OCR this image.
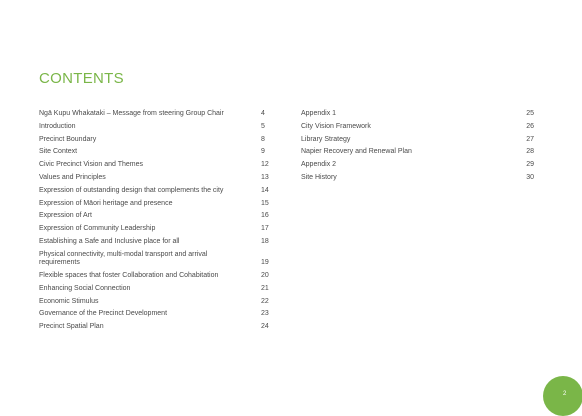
CONTENTS
Ngā Kupu Whakataki – Message from steering Group Chair	4
Introduction	5
Precinct Boundary	8
Site Context	9
Civic Precinct Vision and Themes	12
Values and Principles	13
Expression of outstanding design that complements the city	14
Expression of Māori heritage and presence	15
Expression of Art	16
Expression of Community Leadership	17
Establishing a Safe and Inclusive place for all	18
Physical connectivity, multi-modal transport and arrival requirements	19
Flexible spaces that foster Collaboration and Cohabitation	20
Enhancing Social Connection	21
Economic Stimulus	22
Governance of the Precinct Development	23
Precinct Spatial Plan	24
Appendix 1	25
City Vision Framework	26
Library Strategy	27
Napier Recovery and Renewal Plan	28
Appendix 2	29
Site History	30
2
